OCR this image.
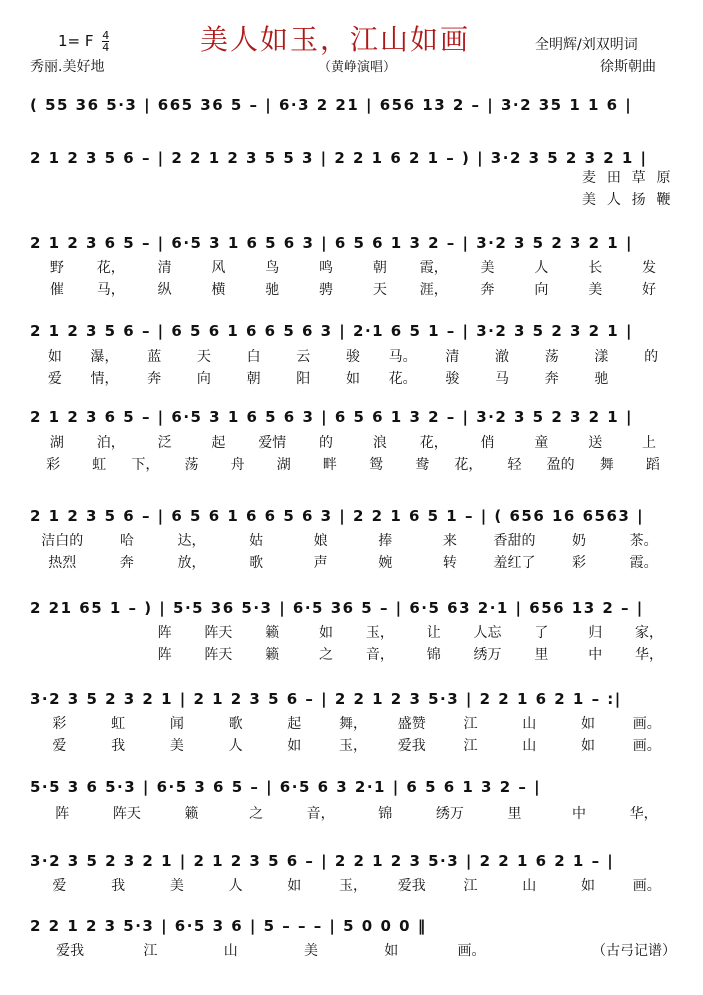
美人如玉，江山如画
1= F $\frac{4}{4}$
秀丽.美好地	（黄峥演唱）
全明辉/刘双明词
徐斯朝曲
( 55 36 5·3 | 665 36 5 – | 6·3 2 21 | 656 13 2 – | 3·2 35 1 1 6 |
2 1 2 3 5 6 – | 2 2 1 2 3 5 5 3 | 2 2 1 6 2 1 – ) | 3·2 3 5 2 3 2 1 |
麦 田 草 原
美 人 扬 鞭
2 1 2 3 6 5 – | 6·5 3 1 6 5 6 3 | 6 5 6 1 3 2 – | 3·2 3 5 2 3 2 1 |
野	花，	清	风	鸟	鸣	朝	霞，	美	人	长	发
催	马，	纵	横	驰	骋	天	涯，	奔	向	美	好
2 1 2 3 5 6 – | 6 5 6 1 6 6 5 6 3 | 2·1 6 5 1 – | 3·2 3 5 2 3 2 1 |
如	瀑，	蓝	天	白	云	骏	马。	清	澈	荡	漾	的
爱	情，	奔	向	朝	阳	如	花。	骏	马	奔	驰
2 1 2 3 6 5 – | 6·5 3 1 6 5 6 3 | 6 5 6 1 3 2 – | 3·2 3 5 2 3 2 1 |
湖	泊，	泛	起	爱情	的	浪	花，	俏	童	送	上
彩	虹	下，	荡	舟	湖	畔	鸳	鸯	花，	轻	盈的	舞	蹈
2 1 2 3 5 6 – | 6 5 6 1 6 6 5 6 3 | 2 2 1 6 5 1 – | ( 656 16 6563 |
洁白的	哈	达，	姑	娘	捧	来	香甜的	奶	茶。
热烈	奔	放，	歌	声	婉	转	羞红了	彩	霞。
2 21 65 1 – ) | 5·5 36 5·3 | 6·5 36 5 – | 6·5 63 2·1 | 656 13 2 – |
阵	阵天	籁	如	玉，	让	人忘	了	归	家，
阵	阵天	籁	之	音，	锦	绣万	里	中	华，
3·2 3 5 2 3 2 1 | 2 1 2 3 5 6 – | 2 2 1 2 3 5·3 | 2 2 1 6 2 1 – :|
彩	虹	闻	歌	起	舞，	盛赞	江	山	如	画。
爱	我	美	人	如	玉，	爱我	江	山	如	画。
5·5 3 6 5·3 | 6·5 3 6 5 – | 6·5 6 3 2·1 | 6 5 6 1 3 2 – |
阵	阵天	籁	之	音，	锦	绣万	里	中	华，
3·2 3 5 2 3 2 1 | 2 1 2 3 5 6 – | 2 2 1 2 3 5·3 | 2 2 1 6 2 1 – |
爱	我	美	人	如	玉，	爱我	江	山	如	画。
2 2 1 2 3 5·3 | 6·5 3 6 | 5 – – – | 5 0 0 0 ‖
爱我	江	山	美	如	画。	（古弓记谱）
